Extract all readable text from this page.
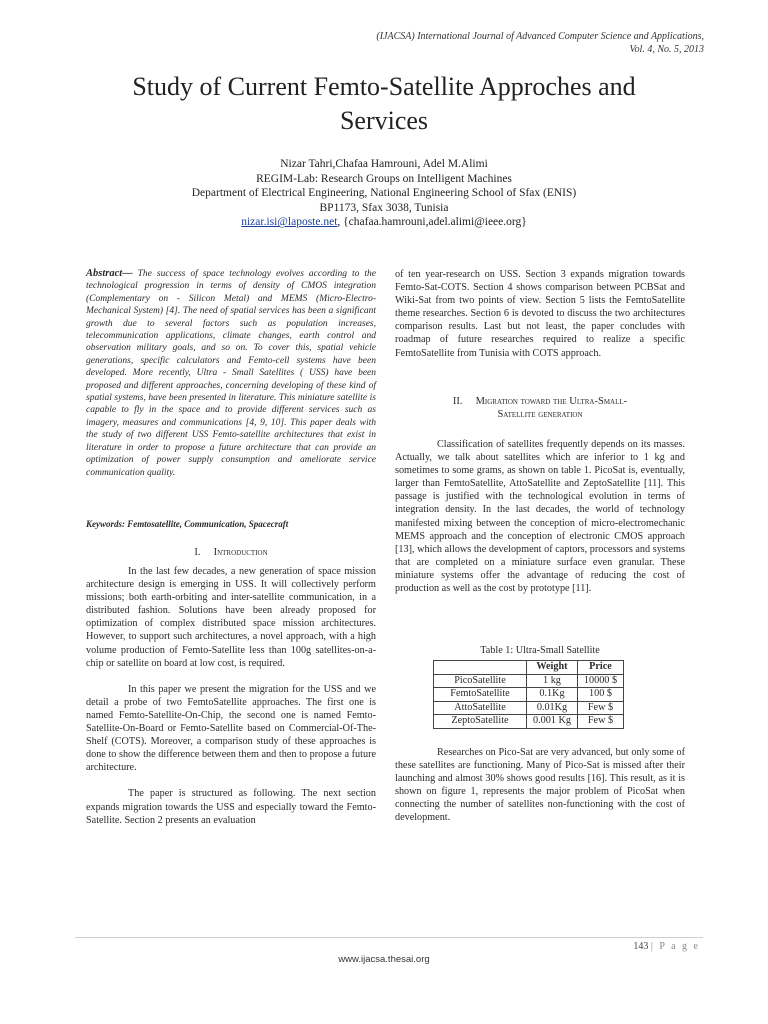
(IJACSA) International Journal of Advanced Computer Science and Applications,
Vol. 4, No. 5, 2013
Study of Current Femto-Satellite Approches and
Services
Nizar Tahri,Chafaa Hamrouni, Adel M.Alimi
REGIM-Lab: Research Groups on Intelligent Machines
Department of Electrical Engineering, National Engineering School of Sfax (ENIS)
BP1173, Sfax 3038, Tunisia
nizar.isi@laposte.net, {chafaa.hamrouni,adel.alimi@ieee.org}
Abstract— The success of space technology evolves according to the technological progression in terms of density of CMOS integration (Complementary on - Silicon Metal) and MEMS (Micro-Electro-Mechanical System) [4]. The need of spatial services has been a significant growth due to several factors such as population increases, telecommunication applications, climate changes, earth control and observation military goals, and so on. To cover this, spatial vehicle generations, specific calculators and Femto-cell systems have been developed. More recently, Ultra - Small Satellites ( USS) have been proposed and different approaches, concerning developing of these kind of spatial systems, have been presented in literature. This miniature satellite is capable to fly in the space and to provide different services such as imagery, measures and communications [4, 9, 10]. This paper deals with the study of two different USS Femto-satellite architectures that exist in literature in order to propose a future architecture that can provide an optimization of power supply consumption and ameliorate service communication quality.
Keywords: Femtosatellite, Communication, Spacecraft
I. Introduction

In the last few decades, a new generation of space mission architecture design is emerging in USS. It will collectively perform missions; both earth-orbiting and inter-satellite communication, in a distributed fashion. Solutions have been already proposed for optimization of complex distributed space mission architectures. However, to support such architectures, a novel approach, with a high volume production of Femto-Satellite less than 100g satellites-on-a-chip or satellite on board at low cost, is required.

In this paper we present the migration for the USS and we detail a probe of two FemtoSatellite approaches. The first one is named Femto-Satellite-On-Chip, the second one is named Femto-Satellite-On-Board or Femto-Satellite based on Commercial-Of-The-Shelf (COTS). Moreover, a comparison study of these approaches is done to show the difference between them and then to propose a future architecture.

The paper is structured as following. The next section expands migration towards the USS and especially toward the Femto-Satellite. Section 2 presents an evaluation

of ten year-research on USS. Section 3 expands migration towards Femto-Sat-COTS. Section 4 shows comparison between PCBSat and Wiki-Sat from two points of view. Section 5 lists the FemtoSatellite theme researches. Section 6 is devoted to discuss the two architectures comparison results. Last but not least, the paper concludes with roadmap of future researches required to realize a specific FemtoSatellite from Tunisia with COTS approach.
II. Migration toward the Ultra-Small-
Satellite generation

Classification of satellites frequently depends on its masses. Actually, we talk about satellites which are inferior to 1 kg and sometimes to some grams, as shown on table 1. PicoSat is, eventually, larger than FemtoSatellite, AttoSatellite and ZeptoSatellite [11]. This passage is justified with the technological evolution in terms of integration density. In the last decades, the world of technology manifested mixing between the conception of micro-electromechanic MEMS approach and the conception of electronic CMOS approach [13], which allows the development of captors, processors and systems that are completed on a miniature surface even granular. These miniature systems offer the advantage of reducing the cost of production as well as the cost by prototype [11].

Table 1: Ultra-Small Satellite
	Weight	Price
PicoSatellite	1 kg	10000 $
FemtoSatellite	0.1Kg	100 $
AttoSatellite	0.01Kg	Few $
ZeptoSatellite	0.001 Kg	Few $

Researches on Pico-Sat are very advanced, but only some of these satellites are functioning. Many of Pico-Sat is missed after their launching and almost 30% shows good results [16]. This result, as it is shown on figure 1, represents the major problem of PicoSat when connecting the number of satellites non-functioning with the cost of development.

143 | P a g e
www.ijacsa.thesai.org
